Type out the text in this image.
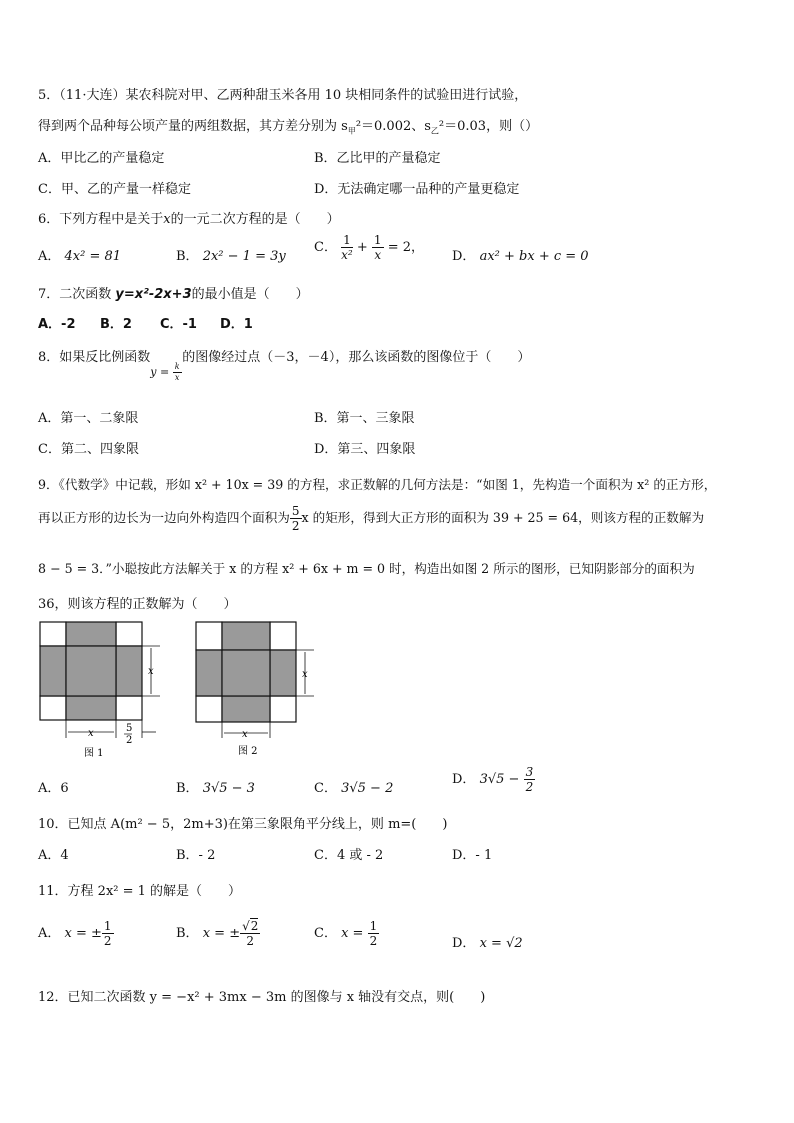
5．（11·大连）某农科院对甲、乙两种甜玉米各用 10 块相同条件的试验田进行试验，
得到两个品种每公顷产量的两组数据，其方差分别为 $s_甲^2=0.002$、$s_乙^2=0.03$，则（）
A．甲比乙的产量稳定	B．乙比甲的产量稳定
C．甲、乙的产量一样稳定	D．无法确定哪一品种的产量更稳定
6．下列方程中是关于x的一元二次方程的是（　　）
A． 4x² = 81	B． 2x² − 1 = 3y
C． $\frac{1}{\text{x²}} + \frac{1}{x} = 2$，
D． ax² + bx + c = 0
7．二次函数 y=x²-2x+3的最小值是（　　）
A．-2 B．2 C．-1 D．1
8．如果反比例函数$y = \frac{k}{x}$
的图像经过点（－3，－4），那么该函数的图像位于（　　）
A．第一、二象限	B．第一、三象限
C．第二、四象限	D．第三、四象限
9．《代数学》中记载，形如 x² + 10x = 39 的方程，求正数解的几何方法是：“如图 1，先构造一个面积为 x² 的正方形，
再以正方形的边长为一边向外构造四个面积为 $\frac{5}{2}$ x 的矩形，得到大正方形的面积为 39 + 25 = 64，则该方程的正数解为
8 − 5 = 3．”小聪按此方法解关于 x 的方程 x² + 6x + m = 0 时，构造出如图 2 所示的图形，已知阴影部分的面积为
36，则该方程的正数解为（　　）
x
x	5
2
图 1
x
x
图 2
A．6	B． 3√5 − 3	C． 3√5 − 2
D． $3√5 - \frac{3}{2}$
10．已知点 A(m² − 5，2m+3)在第三象限角平分线上，则 m=(　　)
A．4	B．- 2	C．4 或 - 2	D．- 1
11．方程 2x² = 1 的解是（　　）
A． x = ± $\frac{1}{2}$	B． x = ± $\frac{√2}{2}$	C． $x = \frac{1}{2}$	D． x = √2
12．已知二次函数 y = −x² + 3mx − 3m 的图像与 x 轴没有交点，则(　　)
